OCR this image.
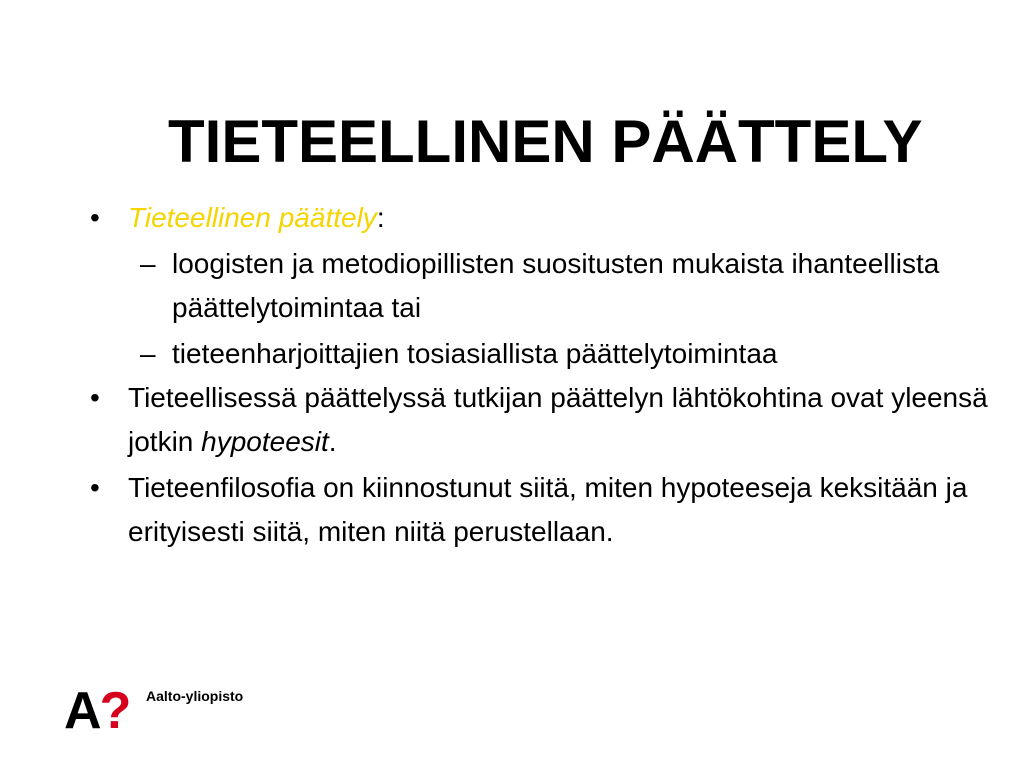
TIETEELLINEN PÄÄTTELY
• Tieteellinen päättely:
– loogisten ja metodiopillisten suositusten mukaista ihanteellista päättelytoimintaa tai
– tieteenharjoittajien tosiasiallista päättelytoimintaa
• Tieteellisessä päättelyssä tutkijan päättelyn lähtökohtina ovat yleensä jotkin hypoteesit.
• Tieteenfilosofia on kiinnostunut siitä, miten hypoteeseja keksitään ja erityisesti siitä, miten niitä perustellaan.
A? Aalto-yliopisto
